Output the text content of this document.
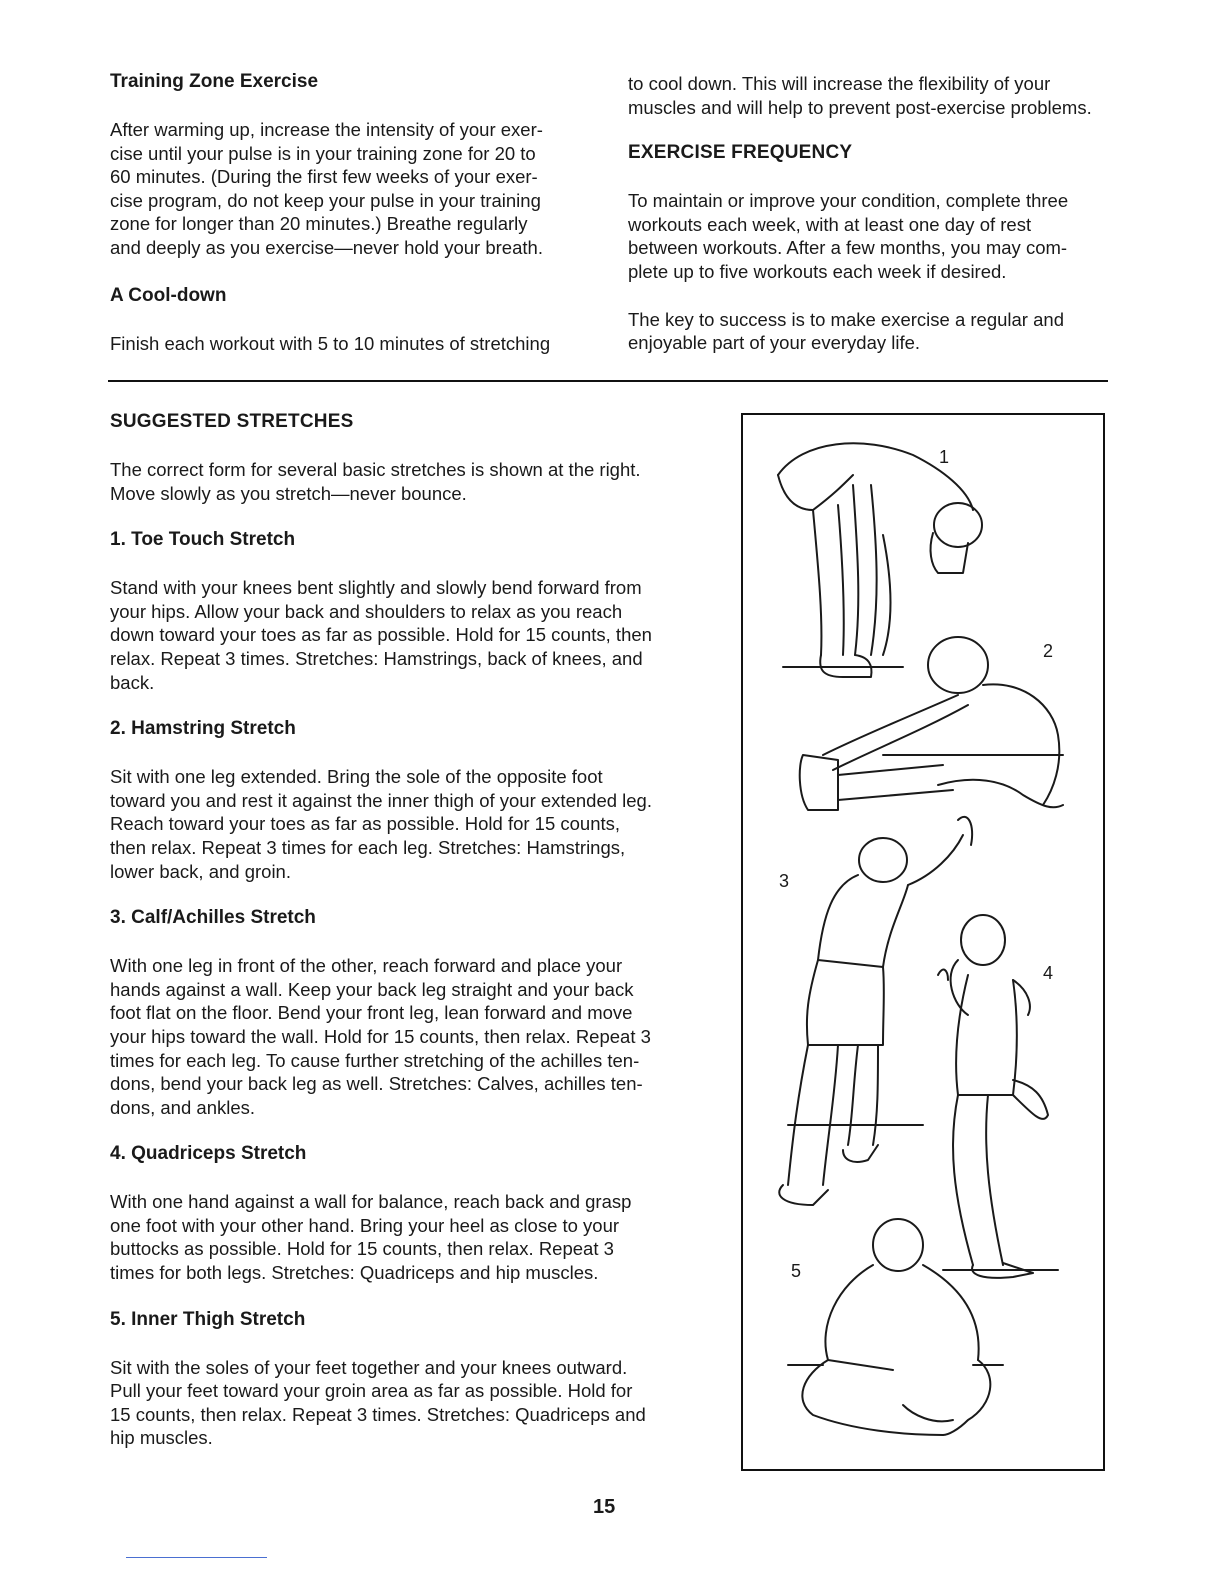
Training Zone Exercise

After warming up, increase the intensity of your exer-
cise until your pulse is in your training zone for 20 to
60 minutes. (During the first few weeks of your exer-
cise program, do not keep your pulse in your training
zone for longer than 20 minutes.) Breathe regularly
and deeply as you exercise—never hold your breath.

A Cool-down

Finish each workout with 5 to 10 minutes of stretching

to cool down. This will increase the flexibility of your
muscles and will help to prevent post-exercise problems.

EXERCISE FREQUENCY

To maintain or improve your condition, complete three
workouts each week, with at least one day of rest
between workouts. After a few months, you may com-
plete up to five workouts each week if desired.

The key to success is to make exercise a regular and
enjoyable part of your everyday life.

SUGGESTED STRETCHES

The correct form for several basic stretches is shown at the right.
Move slowly as you stretch—never bounce.

1. Toe Touch Stretch

Stand with your knees bent slightly and slowly bend forward from
your hips. Allow your back and shoulders to relax as you reach
down toward your toes as far as possible. Hold for 15 counts, then
relax. Repeat 3 times. Stretches: Hamstrings, back of knees, and
back.

2. Hamstring Stretch

Sit with one leg extended. Bring the sole of the opposite foot
toward you and rest it against the inner thigh of your extended leg.
Reach toward your toes as far as possible. Hold for 15 counts,
then relax. Repeat 3 times for each leg. Stretches: Hamstrings,
lower back, and groin.

3. Calf/Achilles Stretch

With one leg in front of the other, reach forward and place your
hands against a wall. Keep your back leg straight and your back
foot flat on the floor. Bend your front leg, lean forward and move
your hips toward the wall. Hold for 15 counts, then relax. Repeat 3
times for each leg. To cause further stretching of the achilles ten-
dons, bend your back leg as well. Stretches: Calves, achilles ten-
dons, and ankles.

4. Quadriceps Stretch

With one hand against a wall for balance, reach back and grasp
one foot with your other hand. Bring your heel as close to your
buttocks as possible. Hold for 15 counts, then relax. Repeat 3
times for both legs. Stretches: Quadriceps and hip muscles.

5. Inner Thigh Stretch

Sit with the soles of your feet together and your knees outward.
Pull your feet toward your groin area as far as possible. Hold for
15 counts, then relax. Repeat 3 times. Stretches: Quadriceps and
hip muscles.

1
2
3
4
5
15
